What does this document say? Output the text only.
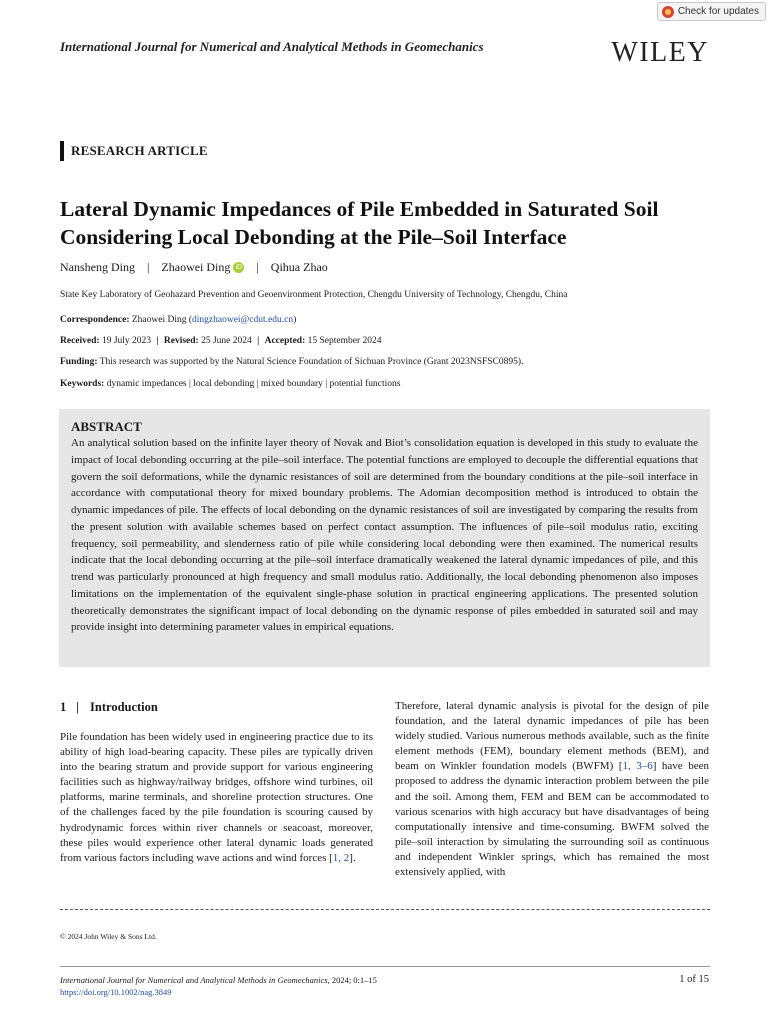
Check for updates
International Journal for Numerical and Analytical Methods in Geomechanics	WILEY
RESEARCH ARTICLE
Lateral Dynamic Impedances of Pile Embedded in Saturated Soil Considering Local Debonding at the Pile–Soil Interface
Nansheng Ding | Zhaowei Ding iD | Qihua Zhao
State Key Laboratory of Geohazard Prevention and Geoenvironment Protection, Chengdu University of Technology, Chengdu, China
Correspondence: Zhaowei Ding (dingzhaowei@cdut.edu.cn)
Received: 19 July 2023 | Revised: 25 June 2024 | Accepted: 15 September 2024
Funding: This research was supported by the Natural Science Foundation of Sichuan Province (Grant 2023NSFSC0895).
Keywords: dynamic impedances | local debonding | mixed boundary | potential functions
ABSTRACT
An analytical solution based on the infinite layer theory of Novak and Biot’s consolidation equation is developed in this study to evaluate the impact of local debonding occurring at the pile–soil interface. The potential functions are employed to decouple the differential equations that govern the soil deformations, while the dynamic resistances of soil are determined from the boundary conditions at the pile–soil interface in accordance with computational theory for mixed boundary problems. The Adomian decomposition method is introduced to obtain the dynamic impedances of pile. The effects of local debonding on the dynamic resistances of soil are investigated by comparing the results from the present solution with available schemes based on perfect contact assumption. The influences of pile–soil modulus ratio, exciting frequency, soil permeability, and slenderness ratio of pile while considering local debonding were then examined. The numerical results indicate that the local debonding occurring at the pile–soil interface dramatically weakened the lateral dynamic impedances of pile, and this trend was particularly pronounced at high frequency and small modulus ratio. Additionally, the local debonding phenomenon also imposes limitations on the implementation of the equivalent single-phase solution in practical engineering applications. The presented solution theoretically demonstrates the significant impact of local debonding on the dynamic response of piles embedded in saturated soil and may provide insight into determining parameter values in empirical equations.
1 | Introduction
Pile foundation has been widely used in engineering practice due to its ability of high load-bearing capacity. These piles are typically driven into the bearing stratum and provide support for various engineering facilities such as highway/railway bridges, offshore wind turbines, oil platforms, marine terminals, and shoreline protection structures. One of the challenges faced by the pile foundation is scouring caused by hydrodynamic forces within river channels or seacoast, moreover, these piles would experience other lateral dynamic loads generated from various factors including wave actions and wind forces [1, 2].
Therefore, lateral dynamic analysis is pivotal for the design of pile foundation, and the lateral dynamic impedances of pile has been widely studied. Various numerous methods available, such as the finite element methods (FEM), boundary element methods (BEM), and beam on Winkler foundation models (BWFM) [1, 3–6] have been proposed to address the dynamic interaction problem between the pile and the soil. Among them, FEM and BEM can be accommodated to various scenarios with high accuracy but have disadvantages of being computationally intensive and time-consuming. BWFM solved the pile–soil interaction by simulating the surrounding soil as continuous and independent Winkler springs, which has remained the most extensively applied, with
© 2024 John Wiley & Sons Ltd.
International Journal for Numerical and Analytical Methods in Geomechanics, 2024; 0:1–15
https://doi.org/10.1002/nag.3849
1 of 15
